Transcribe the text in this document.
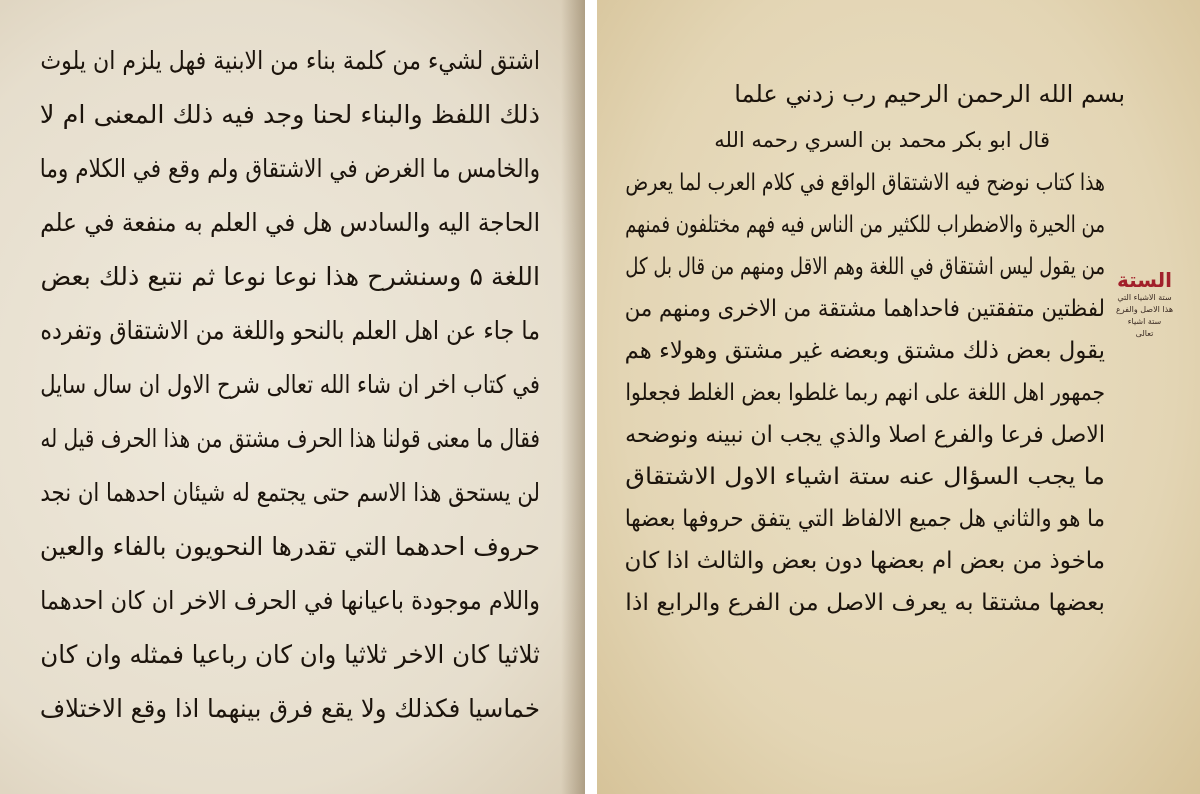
اشتق لشيء من كلمة بناء من الابنية فهل يلزم ان يلوث
ذلك اللفظ والبناء لحنا وجد فيه ذلك المعنى ام لا
والخامس ما الغرض في الاشتقاق ولم وقع في الكلام وما
الحاجة اليه والسادس هل في العلم به منفعة في علم
اللغة ۵ وسنشرح هذا نوعا نوعا ثم نتبع ذلك بعض
ما جاء عن اهل العلم بالنحو واللغة من الاشتقاق وتفرده
في كتاب اخر ان شاء الله تعالى شرح الاول ان سال سايل
فقال ما معنى قولنا هذا الحرف مشتق من هذا الحرف قيل له
لن يستحق هذا الاسم حتى يجتمع له شيئان احدهما ان نجد
حروف احدهما التي تقدرها النحويون بالفاء والعين
واللام موجودة باعيانها في الحرف الاخر ان كان احدهما
ثلاثيا كان الاخر ثلاثيا وان كان رباعيا فمثله وان كان
خماسيا فكذلك ولا يقع فرق بينهما اذا وقع الاختلاف
بسم الله الرحمن الرحيم رب زدني علما
قال ابو بكر محمد بن السري رحمه الله
هذا كتاب نوضح فيه الاشتقاق الواقع في كلام العرب لما يعرض
من الحيرة والاضطراب للكثير من الناس فيه فهم مختلفون فمنهم
من يقول ليس اشتقاق في اللغة وهم الاقل ومنهم من قال بل كل
لفظتين متفقتين فاحداهما مشتقة من الاخرى ومنهم من
يقول بعض ذلك مشتق وبعضه غير مشتق وهولاء هم
جمهور اهل اللغة على انهم ربما غلطوا بعض الغلط فجعلوا
الاصل فرعا والفرع اصلا والذي يجب ان نبينه ونوضحه
ما يجب السؤال عنه ستة اشياء الاول الاشتقاق
ما هو والثاني هل جميع الالفاظ التي يتفق حروفها بعضها
ماخوذ من بعض ام بعضها دون بعض والثالث اذا كان
بعضها مشتقا به يعرف الاصل من الفرع والرابع اذا
الستة
ستة الاشياء التي
هذا الاصل والفرع
ستة اشياء
تعالى
